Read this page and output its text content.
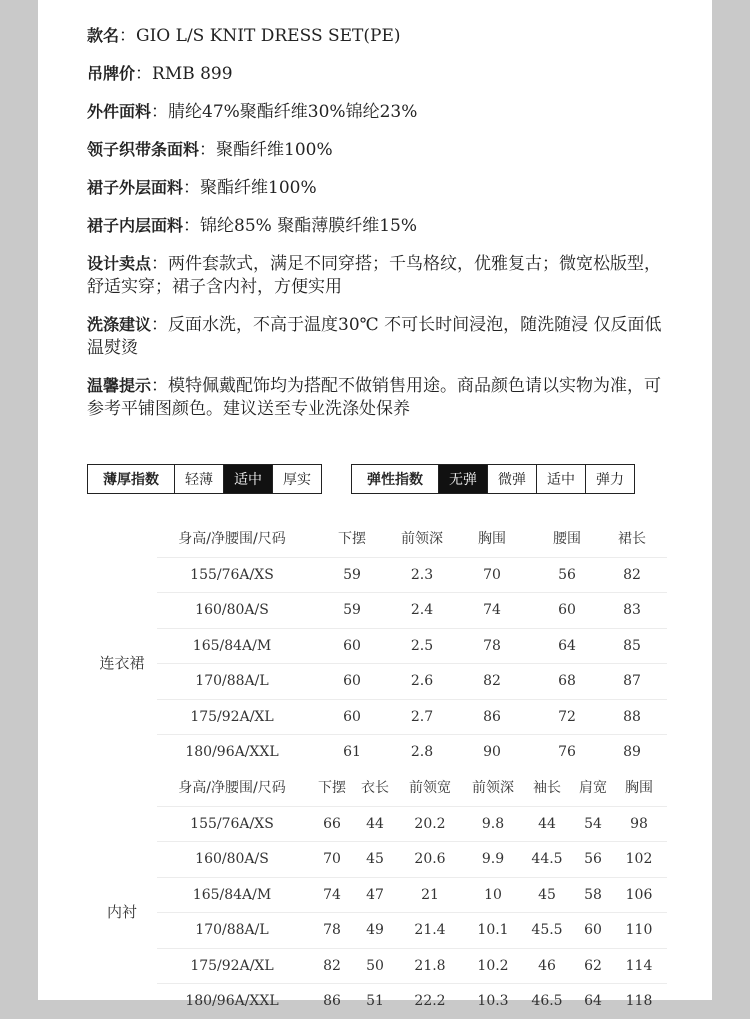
款名：GIO L/S KNIT DRESS SET(PE)
吊牌价：RMB 899
外件面料：腈纶47%聚酯纤维30%锦纶23%
领子织带条面料：聚酯纤维100%
裙子外层面料：聚酯纤维100%
裙子内层面料：锦纶85% 聚酯薄膜纤维15%
设计卖点：两件套款式，满足不同穿搭；千鸟格纹，优雅复古；微宽松版型，舒适实穿；裙子含内衬，方便实用
洗涤建议：反面水洗，不高于温度30℃ 不可长时间浸泡，随洗随浸 仅反面低温熨烫
温馨提示：模特佩戴配饰均为搭配不做销售用途。商品颜色请以实物为准，可参考平铺图颜色。建议送至专业洗涤处保养
薄厚指数	轻薄	适中	厚实	弹性指数	无弹	微弹	适中	弹力
身高/净腰围/尺码	下摆	前领深	胸围	腰围	裙长
连衣裙
155/76A/XS	59	2.3	70	56	82
160/80A/S	59	2.4	74	60	83
165/84A/M	60	2.5	78	64	85
170/88A/L	60	2.6	82	68	87
175/92A/XL	60	2.7	86	72	88
180/96A/XXL	61	2.8	90	76	89
身高/净腰围/尺码	下摆	衣长	前领宽	前领深	袖长	肩宽	胸围
内衬
155/76A/XS	66	44	20.2	9.8	44	54	98
160/80A/S	70	45	20.6	9.9	44.5	56	102
165/84A/M	74	47	21	10	45	58	106
170/88A/L	78	49	21.4	10.1	45.5	60	110
175/92A/XL	82	50	21.8	10.2	46	62	114
180/96A/XXL	86	51	22.2	10.3	46.5	64	118
